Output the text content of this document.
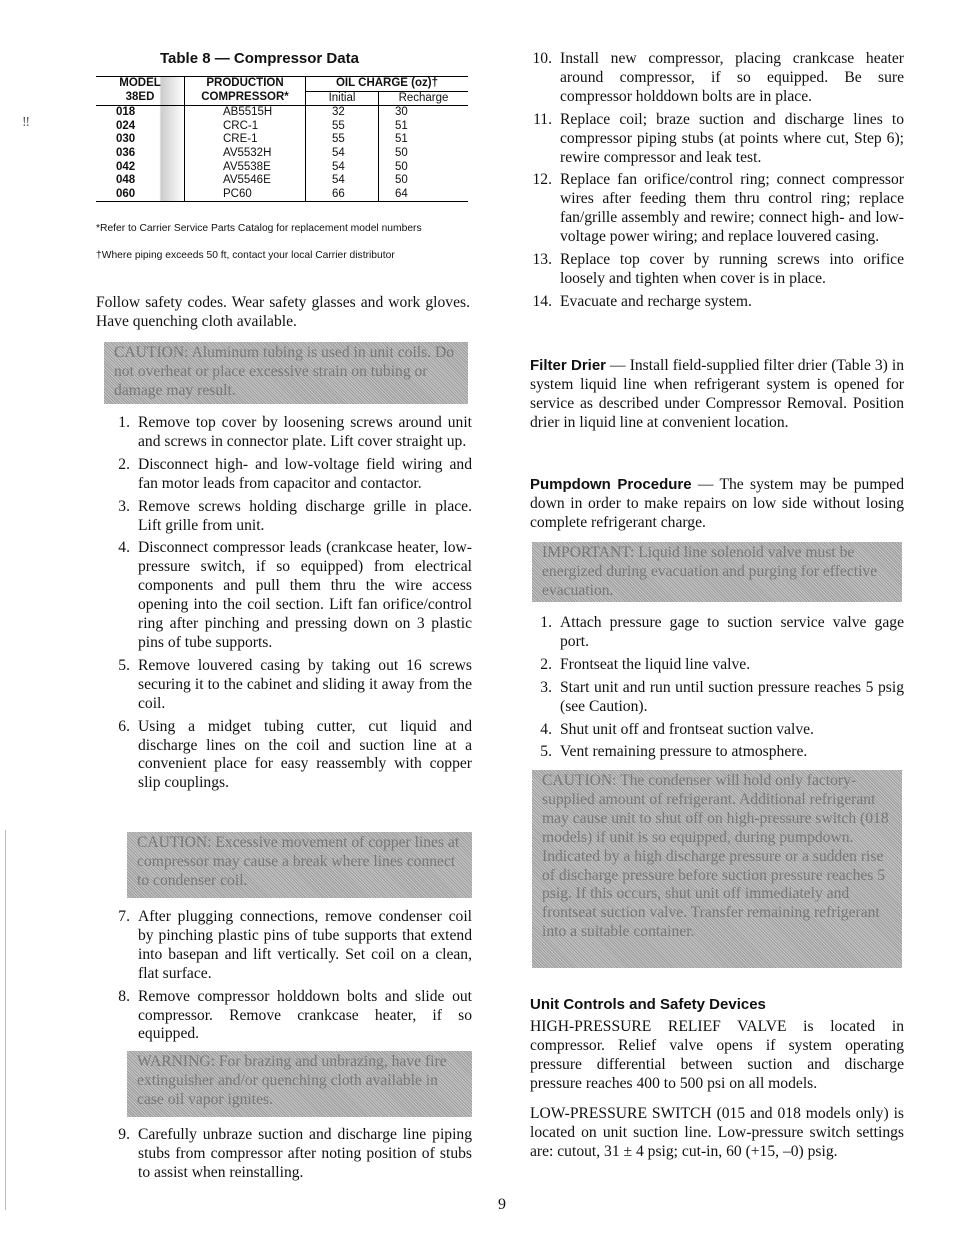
‼
Table 8 — Compressor Data
MODEL	PRODUCTION	OIL CHARGE (oz)†	
38ED	COMPRESSOR*	Initial	Recharge
018	AB5515H	32	30
024	CRC-1	55	51
030	CRE-1	55	51
036	AV5532H	54	50
042	AV5538E	54	50
048	AV5546E	54	50
060	PC60	66	64
*Refer to Carrier Service Parts Catalog for replacement model numbers
†Where piping exceeds 50 ft, contact your local Carrier distributor

Follow safety codes. Wear safety glasses and work gloves. Have quenching cloth available.

CAUTION: Aluminum tubing is used in unit coils. Do not overheat or place excessive strain on tubing or damage may result.
1. Remove top cover by loosening screws around unit and screws in connector plate. Lift cover straight up.
2. Disconnect high- and low-voltage field wiring and fan motor leads from capacitor and contactor.
3. Remove screws holding discharge grille in place. Lift grille from unit.
4. Disconnect compressor leads (crankcase heater, low-pressure switch, if so equipped) from electrical components and pull them thru the wire access opening into the coil section. Lift fan orifice/control ring after pinching and pressing down on 3 plastic pins of tube supports.
5. Remove louvered casing by taking out 16 screws securing it to the cabinet and sliding it away from the coil.
6. Using a midget tubing cutter, cut liquid and discharge lines on the coil and suction line at a convenient place for easy reassembly with copper slip couplings.
CAUTION: Excessive movement of copper lines at compressor may cause a break where lines connect to condenser coil.
7. After plugging connections, remove condenser coil by pinching plastic pins of tube supports that extend into basepan and lift vertically. Set coil on a clean, flat surface.
8. Remove compressor holddown bolts and slide out compressor. Remove crankcase heater, if so equipped.
WARNING: For brazing and unbrazing, have fire extinguisher and/or quenching cloth available in case oil vapor ignites.
9. Carefully unbraze suction and discharge line piping stubs from compressor after noting position of stubs to assist when reinstalling.
10. Install new compressor, placing crankcase heater around compressor, if so equipped. Be sure compressor holddown bolts are in place.
11. Replace coil; braze suction and discharge lines to compressor piping stubs (at points where cut, Step 6); rewire compressor and leak test.
12. Replace fan orifice/control ring; connect compressor wires after feeding them thru control ring; replace fan/grille assembly and rewire; connect high- and low-voltage power wiring; and replace louvered casing.
13. Replace top cover by running screws into orifice loosely and tighten when cover is in place.
14. Evacuate and recharge system.

Filter Drier — Install field-supplied filter drier (Table 3) in system liquid line when refrigerant system is opened for service as described under Compressor Removal. Position drier in liquid line at convenient location.

Pumpdown Procedure — The system may be pumped down in order to make repairs on low side without losing complete refrigerant charge.

IMPORTANT: Liquid line solenoid valve must be energized during evacuation and purging for effective evacuation.
1. Attach pressure gage to suction service valve gage port.
2. Frontseat the liquid line valve.
3. Start unit and run until suction pressure reaches 5 psig (see Caution).
4. Shut unit off and frontseat suction valve.
5. Vent remaining pressure to atmosphere.
CAUTION: The condenser will hold only factory-supplied amount of refrigerant. Additional refrigerant may cause unit to shut off on high-pressure switch (018 models) if unit is so equipped, during pumpdown. Indicated by a high discharge pressure or a sudden rise of discharge pressure before suction pressure reaches 5 psig. If this occurs, shut unit off immediately and frontseat suction valve. Transfer remaining refrigerant into a suitable container.
Unit Controls and Safety Devices

HIGH-PRESSURE RELIEF VALVE is located in compressor. Relief valve opens if system operating pressure differential between suction and discharge pressure reaches 400 to 500 psi on all models.

LOW-PRESSURE SWITCH (015 and 018 models only) is located on unit suction line. Low-pressure switch settings are: cutout, 31 ± 4 psig; cut-in, 60 (+15, –0) psig.

9
